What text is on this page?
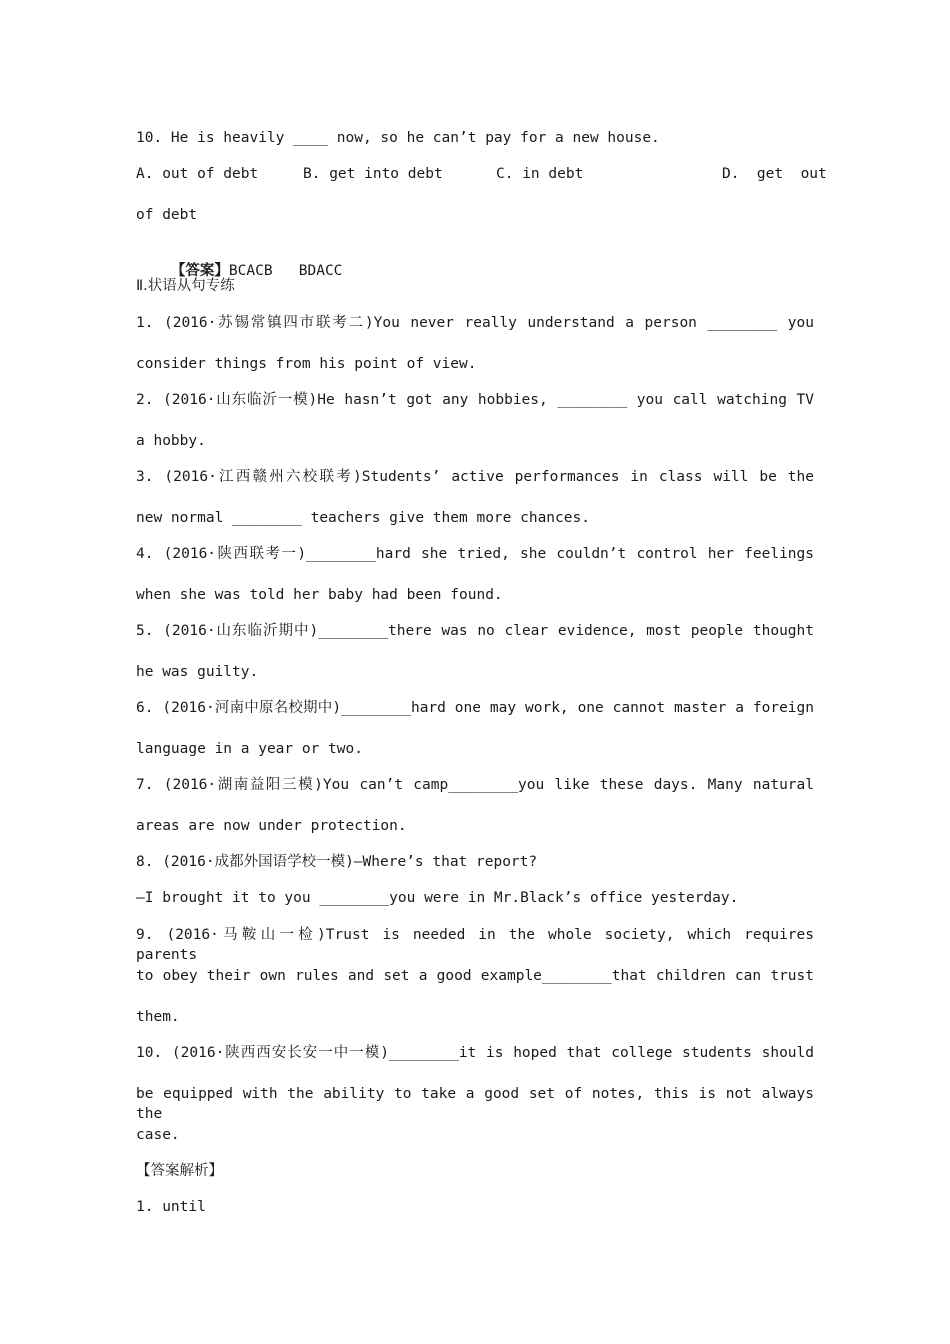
10. He is heavily ____ now, so he can’t pay for a new house.
A. out of debt	B. get into debt	C. in debt	D.  get  out
of debt

【答案】BCACB   BDACC

Ⅱ.状语从句专练
1. (2016·苏锡常镇四市联考二)You never really understand a person ________ you
consider things from his point of view.
2. (2016·山东临沂一模)He hasn’t got any hobbies, ________ you call watching TV
a hobby.
3. (2016·江西赣州六校联考)Students’ active performances in class will be the
new normal ________ teachers give them more chances.
4. (2016·陕西联考一)________hard she tried, she couldn’t control her feelings
when she was told her baby had been found.
5. (2016·山东临沂期中)________there was no clear evidence, most people thought
he was guilty.
6. (2016·河南中原名校期中)________hard one may work, one cannot master a foreign
language in a year or two.
7. (2016·湖南益阳三模)You can’t camp________you like these days. Many natural
areas are now under protection.
8. (2016·成都外国语学校一模)—Where’s that report?
—I brought it to you ________you were in Mr.Black’s office yesterday.
9. (2016·马鞍山一检)Trust is needed in the whole society, which requires parents
to obey their own rules and set a good example________that children can trust
them.
10. (2016·陕西西安长安一中一模)________it is hoped that college students should
be equipped with the ability to take a good set of notes, this is not always the
case.
【答案解析】
1. until
